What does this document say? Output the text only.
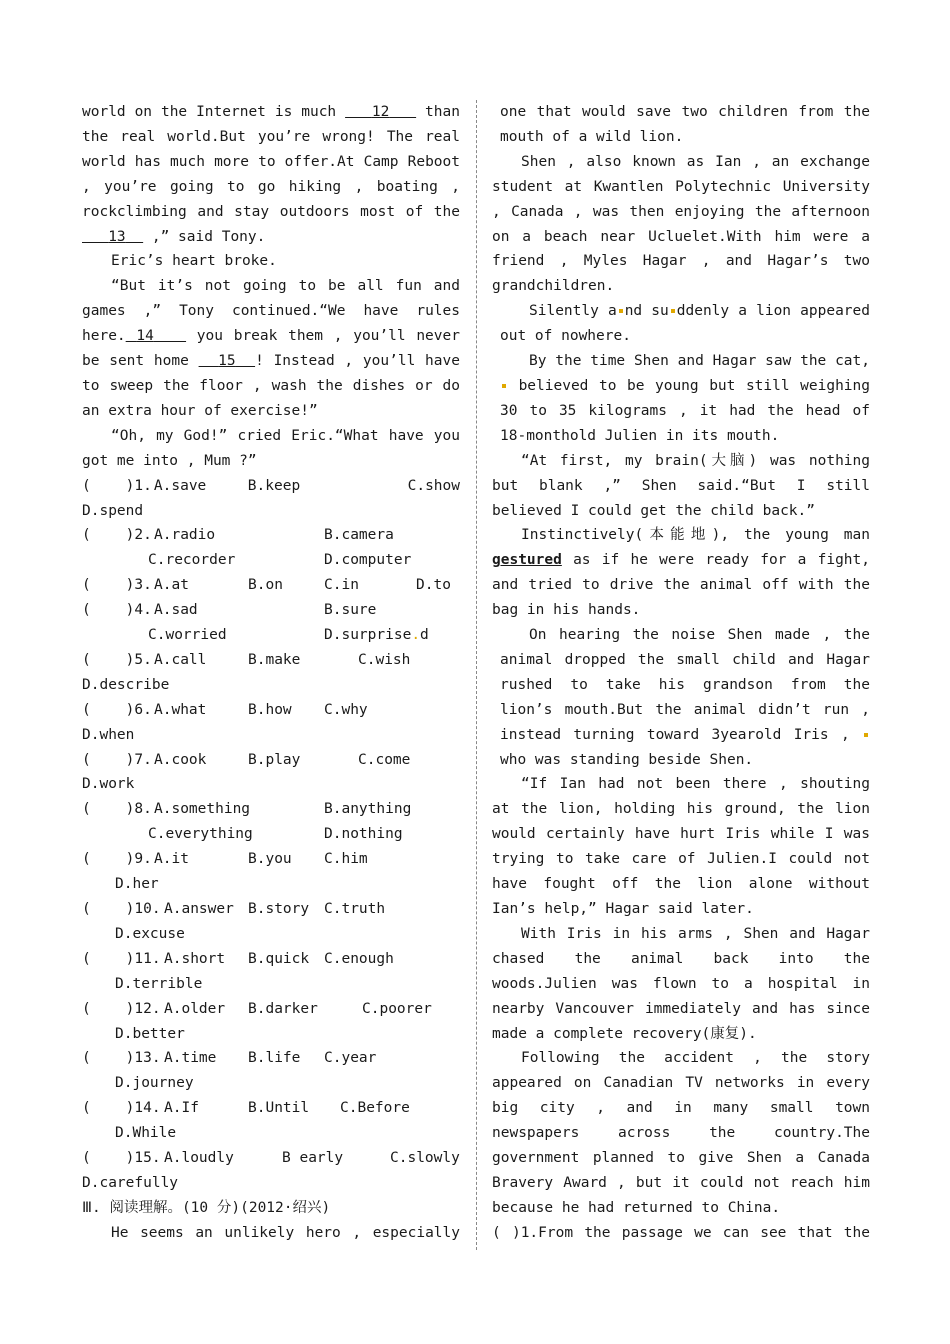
world on the Internet is much    12    than the real world.But you’re wrong! The real world has much more to offer.At Camp Reboot , you’re going to go hiking , boating , rockclimbing and stay outdoors most of the    13   ,” said Tony.

Eric’s heart broke.

“But it’s not going to be all fun and games ,” Tony continued.“We have rules here. 14    you break them , you’ll never be sent home   15 ! Instead , you’ll have to sweep the floor , wash the dishes or do an extra hour of exercise!”

“Oh, my God!” cried Eric.“What have you got me into , Mum ?”

(    )1. A.save	B.keep	C.show
D.spend
(    )2. A.radio	B.camera
C.recorder	D.computer
(    )3. A.at	B.on	C.in	D.to
(    )4. A.sad	B.sure
C.worried	D.surprise.d
(    )5. A.call	B.make	C.wish
D.describe
(    )6. A.what	B.how	C.why
D.when
(    )7. A.cook	B.play	C.come
D.work
(    )8. A.something	B.anything
C.everything	D.nothing
(    )9. A.it	B.you	C.him
D.her
(    )10. A.answer B.story	C.truth
D.excuse
(    )11. A.short	B.quick	C.enough
D.terrible
(    )12. A.older	B.darker	C.poorer
D.better
(    )13. A.time	B.life	C.year
D.journey
(    )14. A.If	B.Until	C.Before
D.While
(    )15. A.loudly	B early	C.slowly
D.carefully

Ⅲ. 阅读理解。(10 分)(2012·绍兴)

He seems an unlikely hero , especially

one that would save two children from the mouth of a wild lion.

Shen , also known as Ian , an exchange student at Kwantlen Polytechnic University , Canada , was then enjoying the afternoon on a beach near Ucluelet.With him were a friend , Myles Hagar , and Hagar’s two grandchildren.

Silently a nd su ddenly a lion appeared out of nowhere.

By the time Shen and Hagar saw the cat,  believed to be young but still weighing 30 to 35 kilograms , it had the head of 18-monthold Julien in its mouth.

“At first, my brain(大脑) was nothing but blank ,” Shen said.“But I still believed I could get the child back.”

Instinctively(本能地), the young man gestured as if he were ready for a fight, and tried to drive the animal off with the bag in his hands.

On hearing the noise Shen made , the animal dropped the small child and Hagar rushed to take his grandson from the lion’s mouth.But the animal didn’t run , instead turning toward 3yearold Iris ,  who was standing beside Shen.

“If Ian had not been there , shouting at the lion, holding his ground, the lion would certainly have hurt Iris while I was trying to take care of Julien.I could not have fought off the lion alone without Ian’s help,” Hagar said later.

With Iris in his arms , Shen and Hagar chased the animal back into the woods.Julien was flown to a hospital in nearby Vancouver immediately and has since made a complete recovery(康复).

Following the accident , the story appeared on Canadian TV networks in every big city , and in many small town newspapers across the country.The government planned to give Shen a Canada Bravery Award , but it could not reach him because he had returned to China.

( )1.From the passage we can see that the
